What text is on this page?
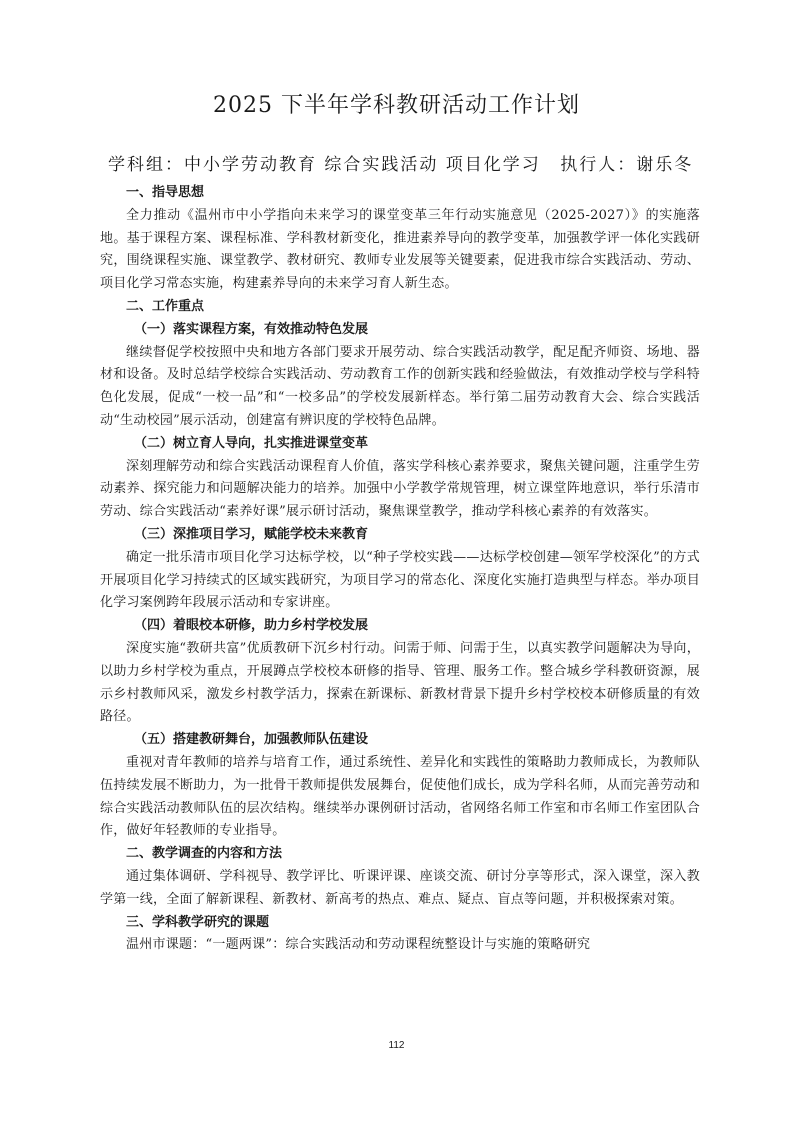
2025 下半年学科教研活动工作计划
学科组：中小学劳动教育 综合实践活动 项目化学习 执行人：谢乐冬

一、指导思想

全力推动《温州市中小学指向未来学习的课堂变革三年行动实施意见（2025-2027）》的实施落地。基于课程方案、课程标准、学科教材新变化，推进素养导向的教学变革，加强教学评一体化实践研究，围绕课程实施、课堂教学、教材研究、教师专业发展等关键要素，促进我市综合实践活动、劳动、项目化学习常态实施，构建素养导向的未来学习育人新生态。

二、工作重点

（一）落实课程方案，有效推动特色发展

继续督促学校按照中央和地方各部门要求开展劳动、综合实践活动教学，配足配齐师资、场地、器材和设备。及时总结学校综合实践活动、劳动教育工作的创新实践和经验做法，有效推动学校与学科特色化发展，促成“一校一品”和“一校多品”的学校发展新样态。举行第二届劳动教育大会、综合实践活动“生动校园”展示活动，创建富有辨识度的学校特色品牌。

（二）树立育人导向，扎实推进课堂变革

深刻理解劳动和综合实践活动课程育人价值，落实学科核心素养要求，聚焦关键问题，注重学生劳动素养、探究能力和问题解决能力的培养。加强中小学教学常规管理，树立课堂阵地意识，举行乐清市劳动、综合实践活动“素养好课”展示研讨活动，聚焦课堂教学，推动学科核心素养的有效落实。

（三）深推项目学习，赋能学校未来教育

确定一批乐清市项目化学习达标学校，以“种子学校实践——达标学校创建—领军学校深化”的方式开展项目化学习持续式的区域实践研究，为项目学习的常态化、深度化实施打造典型与样态。举办项目化学习案例跨年段展示活动和专家讲座。

（四）着眼校本研修，助力乡村学校发展

深度实施“教研共富”优质教研下沉乡村行动。问需于师、问需于生，以真实教学问题解决为导向，以助力乡村学校为重点，开展蹲点学校校本研修的指导、管理、服务工作。整合城乡学科教研资源，展示乡村教师风采，激发乡村教学活力，探索在新课标、新教材背景下提升乡村学校校本研修质量的有效路径。

（五）搭建教研舞台，加强教师队伍建设

重视对青年教师的培养与培育工作，通过系统性、差异化和实践性的策略助力教师成长，为教师队伍持续发展不断助力，为一批骨干教师提供发展舞台，促使他们成长，成为学科名师，从而完善劳动和综合实践活动教师队伍的层次结构。继续举办课例研讨活动，省网络名师工作室和市名师工作室团队合作，做好年轻教师的专业指导。

二、教学调查的内容和方法

通过集体调研、学科视导、教学评比、听课评课、座谈交流、研讨分享等形式，深入课堂，深入教学第一线，全面了解新课程、新教材、新高考的热点、难点、疑点、盲点等问题，并积极探索对策。

三、学科教学研究的课题

温州市课题：“一题两课”：综合实践活动和劳动课程统整设计与实施的策略研究

112
